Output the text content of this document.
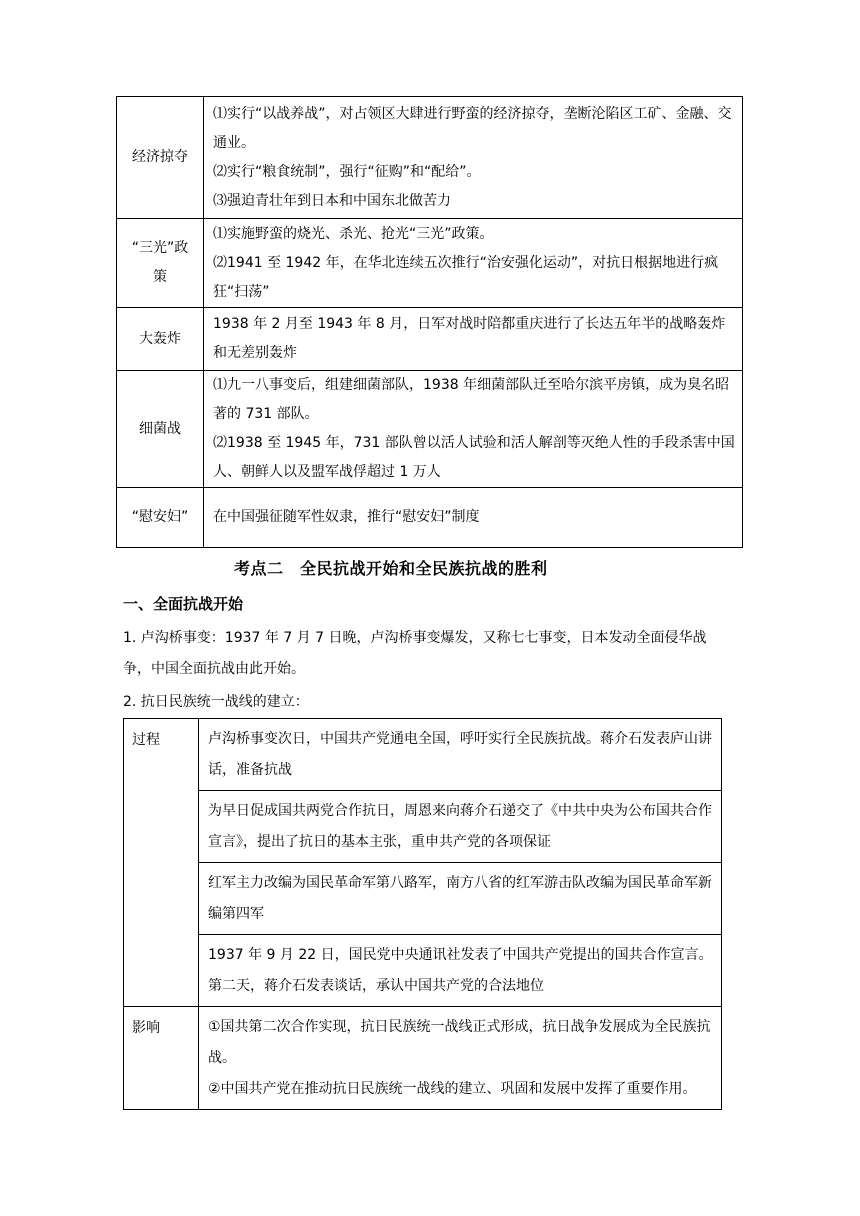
经济掠夺	⑴实行“以战养战”，对占领区大肆进行野蛮的经济掠夺，垄断沦陷区工矿、金融、交通业。
⑵实行“粮食统制”，强行“征购”和“配给”。
⑶强迫青壮年到日本和中国东北做苦力

“三光”政策	⑴实施野蛮的烧光、杀光、抢光“三光”政策。
⑵1941 至 1942 年，在华北连续五次推行“治安强化运动”，对抗日根据地进行疯狂“扫荡”

大轰炸	1938 年 2 月至 1943 年 8 月，日军对战时陪都重庆进行了长达五年半的战略轰炸和无差别轰炸

细菌战	⑴九一八事变后，组建细菌部队，1938 年细菌部队迁至哈尔滨平房镇，成为臭名昭著的 731 部队。
⑵1938 至 1945 年，731 部队曾以活人试验和活人解剖等灭绝人性的手段杀害中国人、朝鲜人以及盟军战俘超过 1 万人

“慰安妇”	在中国强征随军性奴隶，推行“慰安妇”制度
考点二　全民抗战开始和全民族抗战的胜利
一、全面抗战开始
1. 卢沟桥事变：1937 年 7 月 7 日晚，卢沟桥事变爆发，又称七七事变，日本发动全面侵华战争，中国全面抗战由此开始。
2. 抗日民族统一战线的建立：
过程	卢沟桥事变次日，中国共产党通电全国，呼吁实行全民族抗战。蒋介石发表庐山讲话，准备抗战
	为早日促成国共两党合作抗日，周恩来向蒋介石递交了《中共中央为公布国共合作宣言》，提出了抗日的基本主张，重申共产党的各项保证
	红军主力改编为国民革命军第八路军，南方八省的红军游击队改编为国民革命军新编第四军
	1937 年 9 月 22 日，国民党中央通讯社发表了中国共产党提出的国共合作宣言。第二天，蒋介石发表谈话，承认中国共产党的合法地位
影响	①国共第二次合作实现，抗日民族统一战线正式形成，抗日战争发展成为全民族抗战。
②中国共产党在推动抗日民族统一战线的建立、巩固和发展中发挥了重要作用。
